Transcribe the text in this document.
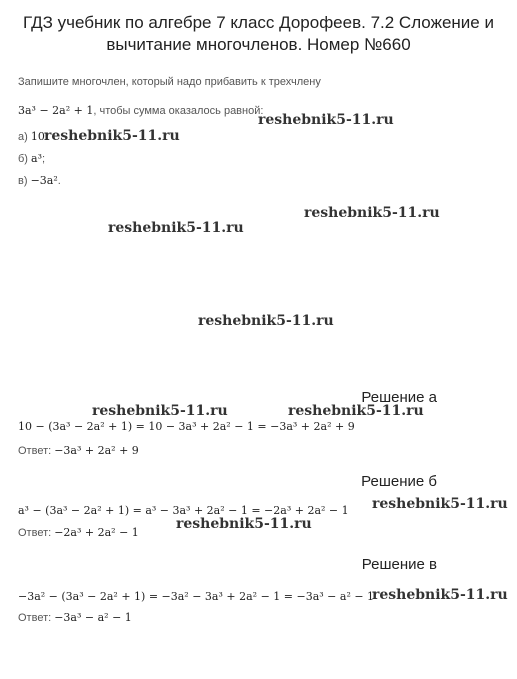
ГДЗ учебник по алгебре 7 класс Дорофеев. 7.2 Сложение и вычитание многочленов. Номер №660
Запишите многочлен, который надо прибавить к трехчлену
3a³ − 2a² + 1, чтобы сумма оказалось равной:
а) 10
б) a³;
в) −3a².
reshebnik5-11.ru
reshebnik5-11.ru
reshebnik5-11.ru
reshebnik5-11.ru
reshebnik5-11.ru
reshebnik5-11.ru	reshebnik5-11.ru
reshebnik5-11.ru
reshebnik5-11.ru
reshebnik5-11.ru
Решение а
10 − (3a³ − 2a² + 1) = 10 − 3a³ + 2a² − 1 = −3a³ + 2a² + 9
Ответ: −3a³ + 2a² + 9
Решение б
a³ − (3a³ − 2a² + 1) = a³ − 3a³ + 2a² − 1 = −2a³ + 2a² − 1
Ответ: −2a³ + 2a² − 1
Решение в
−3a² − (3a³ − 2a² + 1) = −3a² − 3a³ + 2a² − 1 = −3a³ − a² − 1
Ответ: −3a³ − a² − 1
